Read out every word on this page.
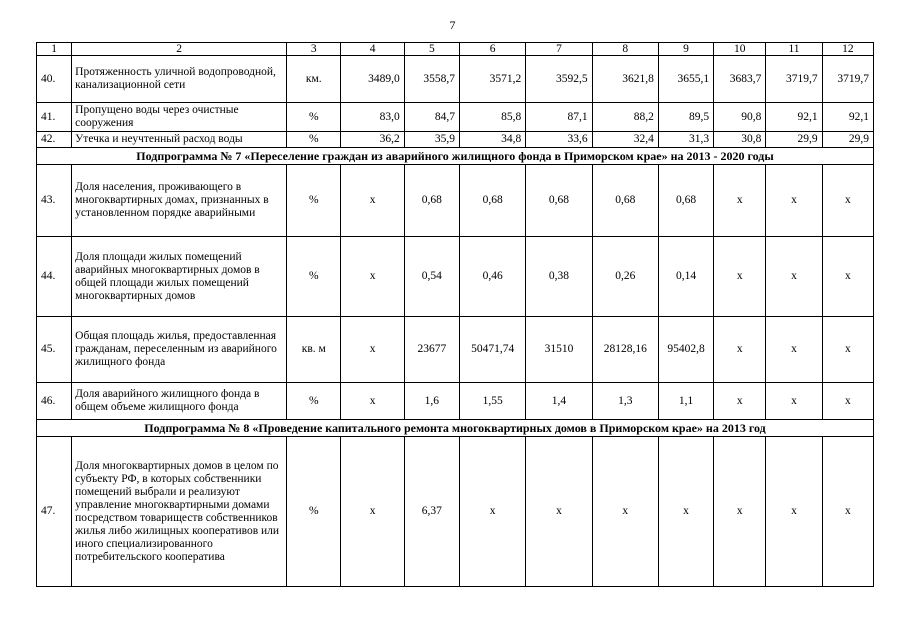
7
1	2	3	4	5	6	7	8	9	10	11	12
40.	Протяженность уличной водопроводной, канализационной сети	км.	3489,0	3558,7	3571,2	3592,5	3621,8	3655,1	3683,7	3719,7	3719,7
41.	Пропущено воды через очистные сооружения	%	83,0	84,7	85,8	87,1	88,2	89,5	90,8	92,1	92,1
42.	Утечка и неучтенный расход воды	%	36,2	35,9	34,8	33,6	32,4	31,3	30,8	29,9	29,9
Подпрограмма № 7 «Переселение граждан из аварийного жилищного фонда в Приморском крае» на 2013 - 2020 годы											
43.	Доля населения, проживающего в многоквартирных домах, признанных в установленном порядке аварийными	%	х	0,68	0,68	0,68	0,68	0,68	х	х	х
44.	Доля площади жилых помещений аварийных многоквартирных домов в общей площади жилых помещений многоквартирных домов	%	х	0,54	0,46	0,38	0,26	0,14	х	х	х
45.	Общая площадь жилья, предоставленная гражданам, переселенным из аварийного жилищного фонда	кв. м	х	23677	50471,74	31510	28128,16	95402,8	х	х	х
46.	Доля аварийного жилищного фонда в общем объеме жилищного фонда	%	х	1,6	1,55	1,4	1,3	1,1	х	х	х
Подпрограмма № 8 «Проведение капитального ремонта многоквартирных домов в Приморском крае» на 2013 год											
47.	Доля многоквартирных домов в целом по субъекту РФ, в которых собственники помещений выбрали и реализуют управление многоквартирными домами посредством товариществ собственников жилья либо жилищных кооперативов или иного специализированного потребительского кооператива	%	х	6,37	х	х	х	х	х	х	х
